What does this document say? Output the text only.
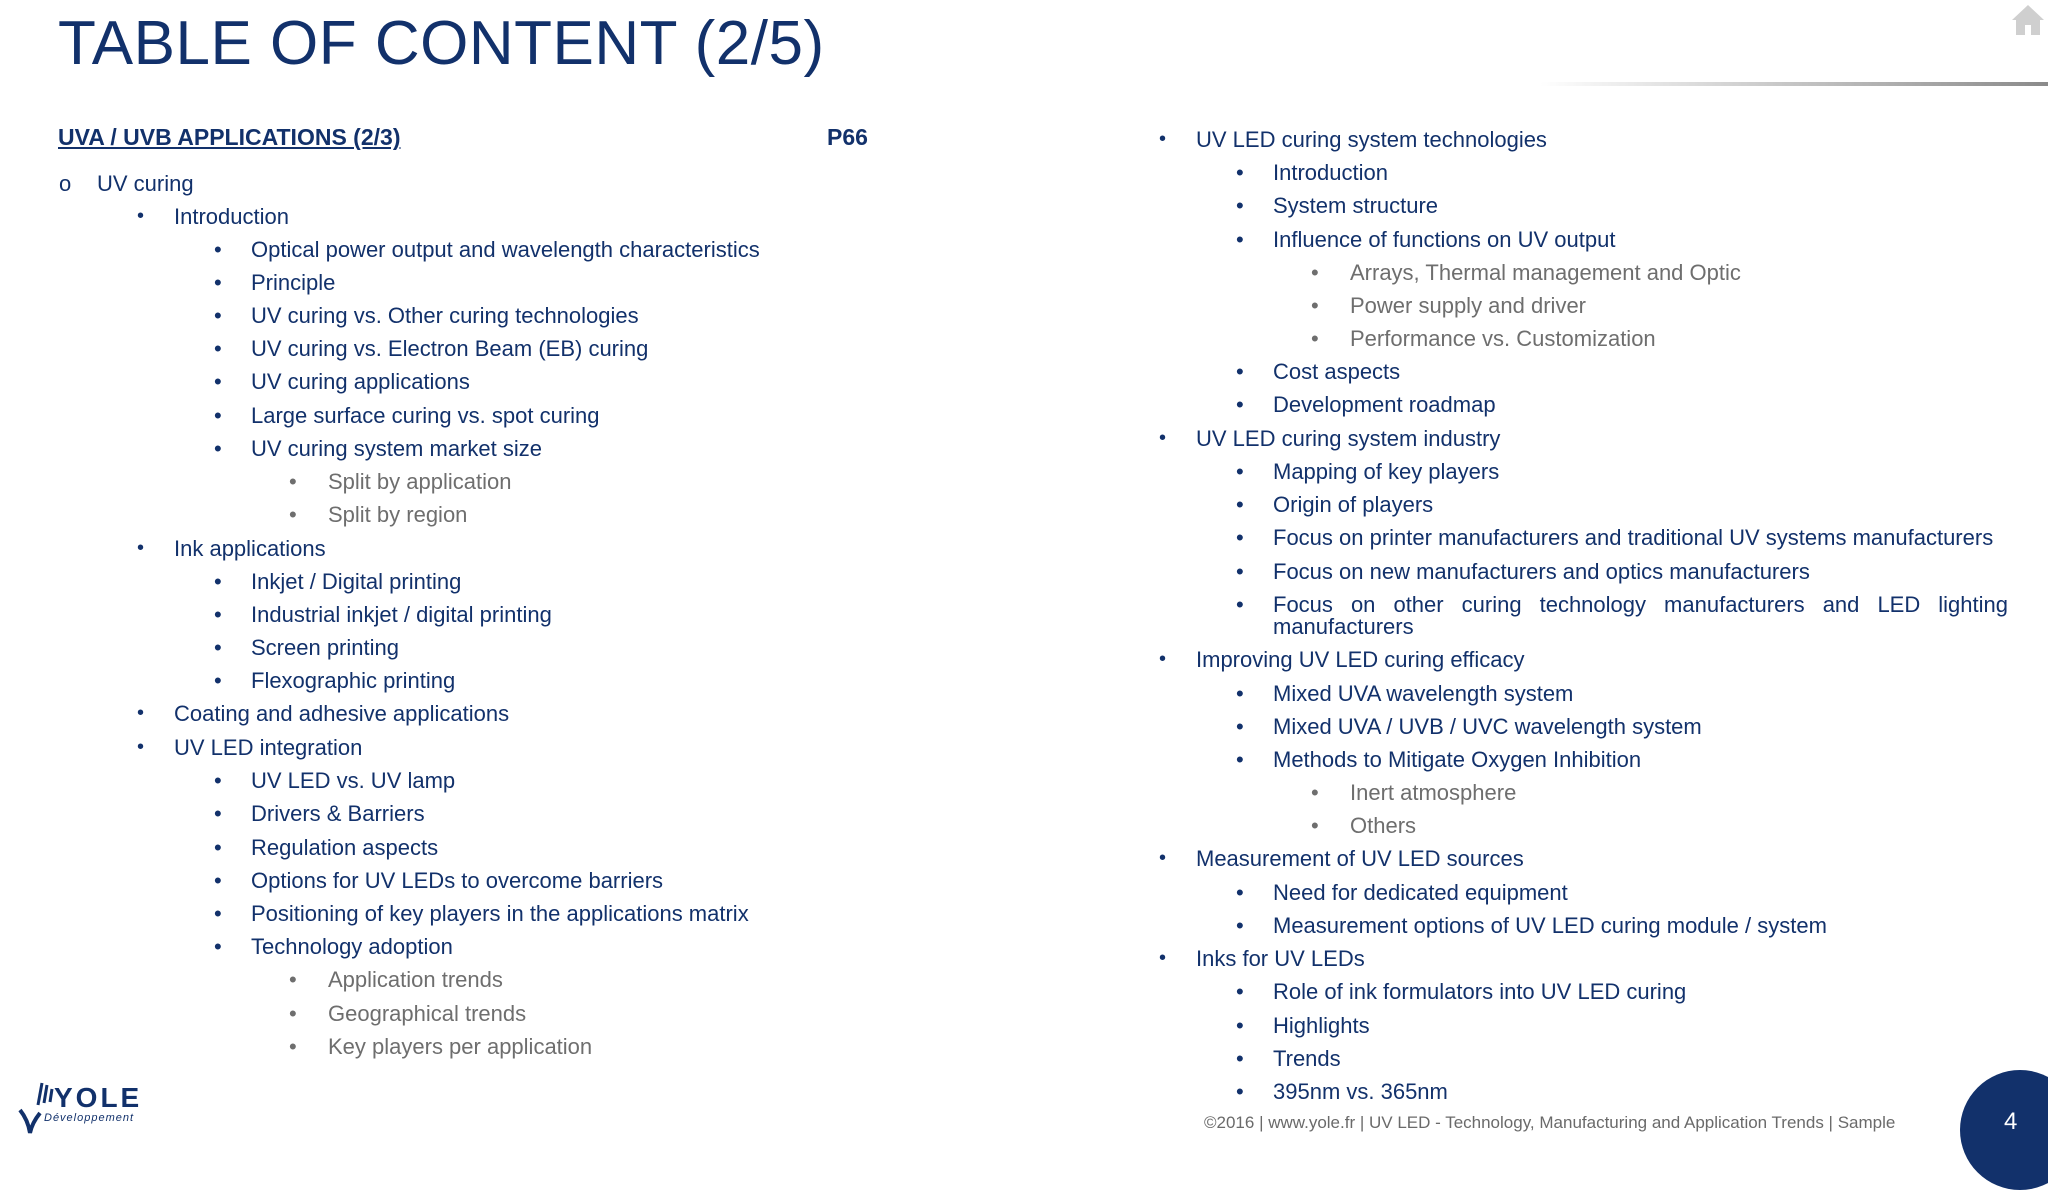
TABLE OF CONTENT (2/5)
UVA / UVB APPLICATIONS (2/3)	P66
o	UV curing
•	Introduction
•	Optical power output and wavelength characteristics
•	Principle
•	UV curing vs. Other curing technologies
•	UV curing vs. Electron Beam (EB) curing
•	UV curing applications
•	Large surface curing vs. spot curing
•	UV curing system market size
•	Split by application
•	Split by region
•	Ink applications
•	Inkjet / Digital printing
•	Industrial inkjet / digital printing
•	Screen printing
•	Flexographic printing
•	Coating and adhesive applications
•	UV LED integration
•	UV LED vs. UV lamp
•	Drivers & Barriers
•	Regulation aspects
•	Options for UV LEDs to overcome barriers
•	Positioning of key players in the applications matrix
•	Technology adoption
•	Application trends
•	Geographical trends
•	Key players per application
•	UV LED curing system technologies
•	Introduction
•	System structure
•	Influence of functions on UV output
•	Arrays, Thermal management and Optic
•	Power supply and driver
•	Performance vs. Customization
•	Cost aspects
•	Development roadmap
•	UV LED curing system industry
•	Mapping of key players
•	Origin of players
•	Focus on printer manufacturers and traditional UV systems manufacturers
•	Focus on new manufacturers and optics manufacturers
•	Focus on other curing technology manufacturers and LED lighting manufacturers
•	Improving UV LED curing efficacy
•	Mixed UVA wavelength system
•	Mixed UVA / UVB / UVC wavelength system
•	Methods to Mitigate Oxygen Inhibition
•	Inert atmosphere
•	Others
•	Measurement of UV LED sources
•	Need for dedicated equipment
•	Measurement options of UV LED curing module / system
•	Inks for UV LEDs
•	Role of ink formulators into UV LED curing
•	Highlights
•	Trends
•	395nm vs. 365nm
YOLE
Développement	©2016 | www.yole.fr | UV LED - Technology, Manufacturing and Application Trends | Sample	4
